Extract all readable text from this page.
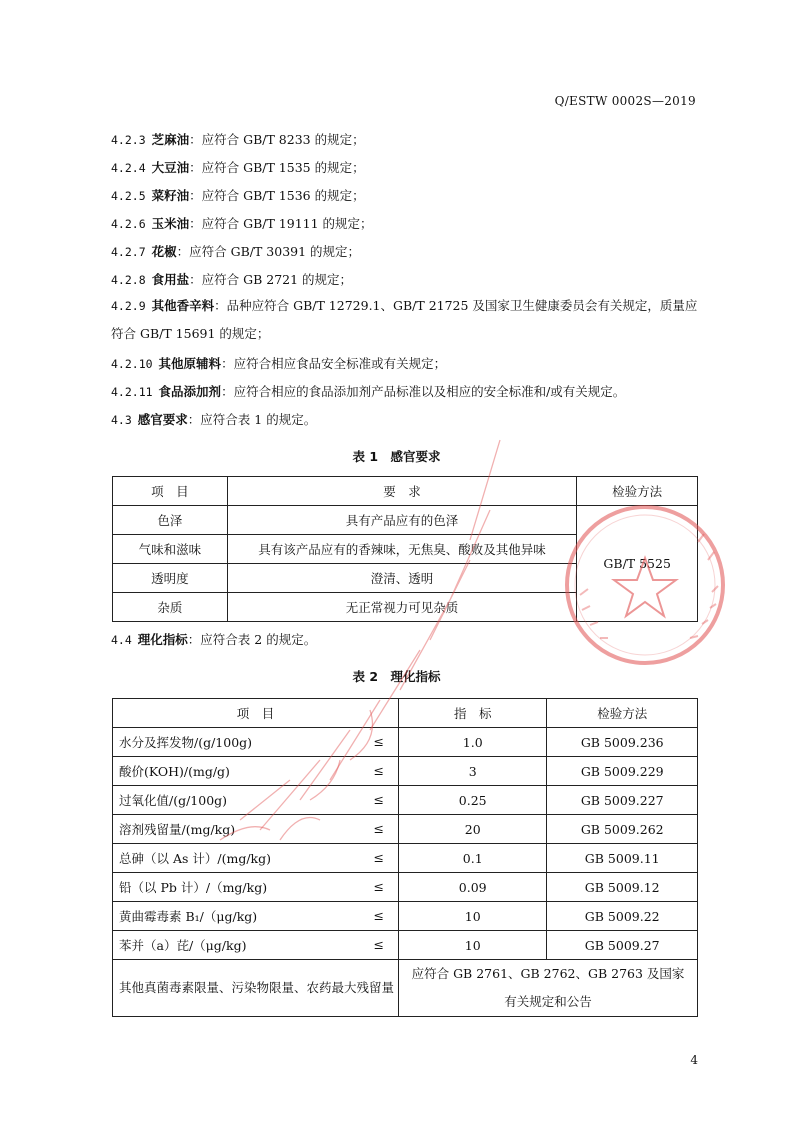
Q/ESTW 0002S—2019
4.2.3 芝麻油：应符合 GB/T 8233 的规定；
4.2.4 大豆油：应符合 GB/T 1535 的规定；
4.2.5 菜籽油：应符合 GB/T 1536 的规定；
4.2.6 玉米油：应符合 GB/T 19111 的规定；
4.2.7 花椒：应符合 GB/T 30391 的规定；
4.2.8 食用盐：应符合 GB 2721 的规定；
4.2.9 其他香辛料：品种应符合 GB/T 12729.1、GB/T 21725 及国家卫生健康委员会有关规定，质量应符合 GB/T 15691 的规定；
4.2.10 其他原辅料：应符合相应食品安全标准或有关规定；
4.2.11 食品添加剂：应符合相应的食品添加剂产品标准以及相应的安全标准和/或有关规定。
4.3 感官要求：应符合表 1 的规定。
表 1　感官要求
项　目	要　求	检验方法
色泽	具有产品应有的色泽	GB/T 5525
气味和滋味	具有该产品应有的香辣味，无焦臭、酸败及其他异味	
透明度	澄清、透明	
杂质	无正常视力可见杂质	
4.4 理化指标：应符合表 2 的规定。
表 2　理化指标
项　目	指　标	检验方法
水分及挥发物/(g/100g) ≤	1.0	GB 5009.236
酸价(KOH)/(mg/g) ≤	3	GB 5009.229
过氧化值/(g/100g) ≤	0.25	GB 5009.227
溶剂残留量/(mg/kg) ≤	20	GB 5009.262
总砷（以 As 计）/(mg/kg) ≤	0.1	GB 5009.11
铅（以 Pb 计）/（mg/kg) ≤	0.09	GB 5009.12
黄曲霉毒素 B₁/（μg/kg) ≤	10	GB 5009.22
苯并（a）芘/（μg/kg) ≤	10	GB 5009.27
其他真菌毒素限量、污染物限量、农药最大残留量	应符合 GB 2761、GB 2762、GB 2763 及国家有关规定和公告	
4
